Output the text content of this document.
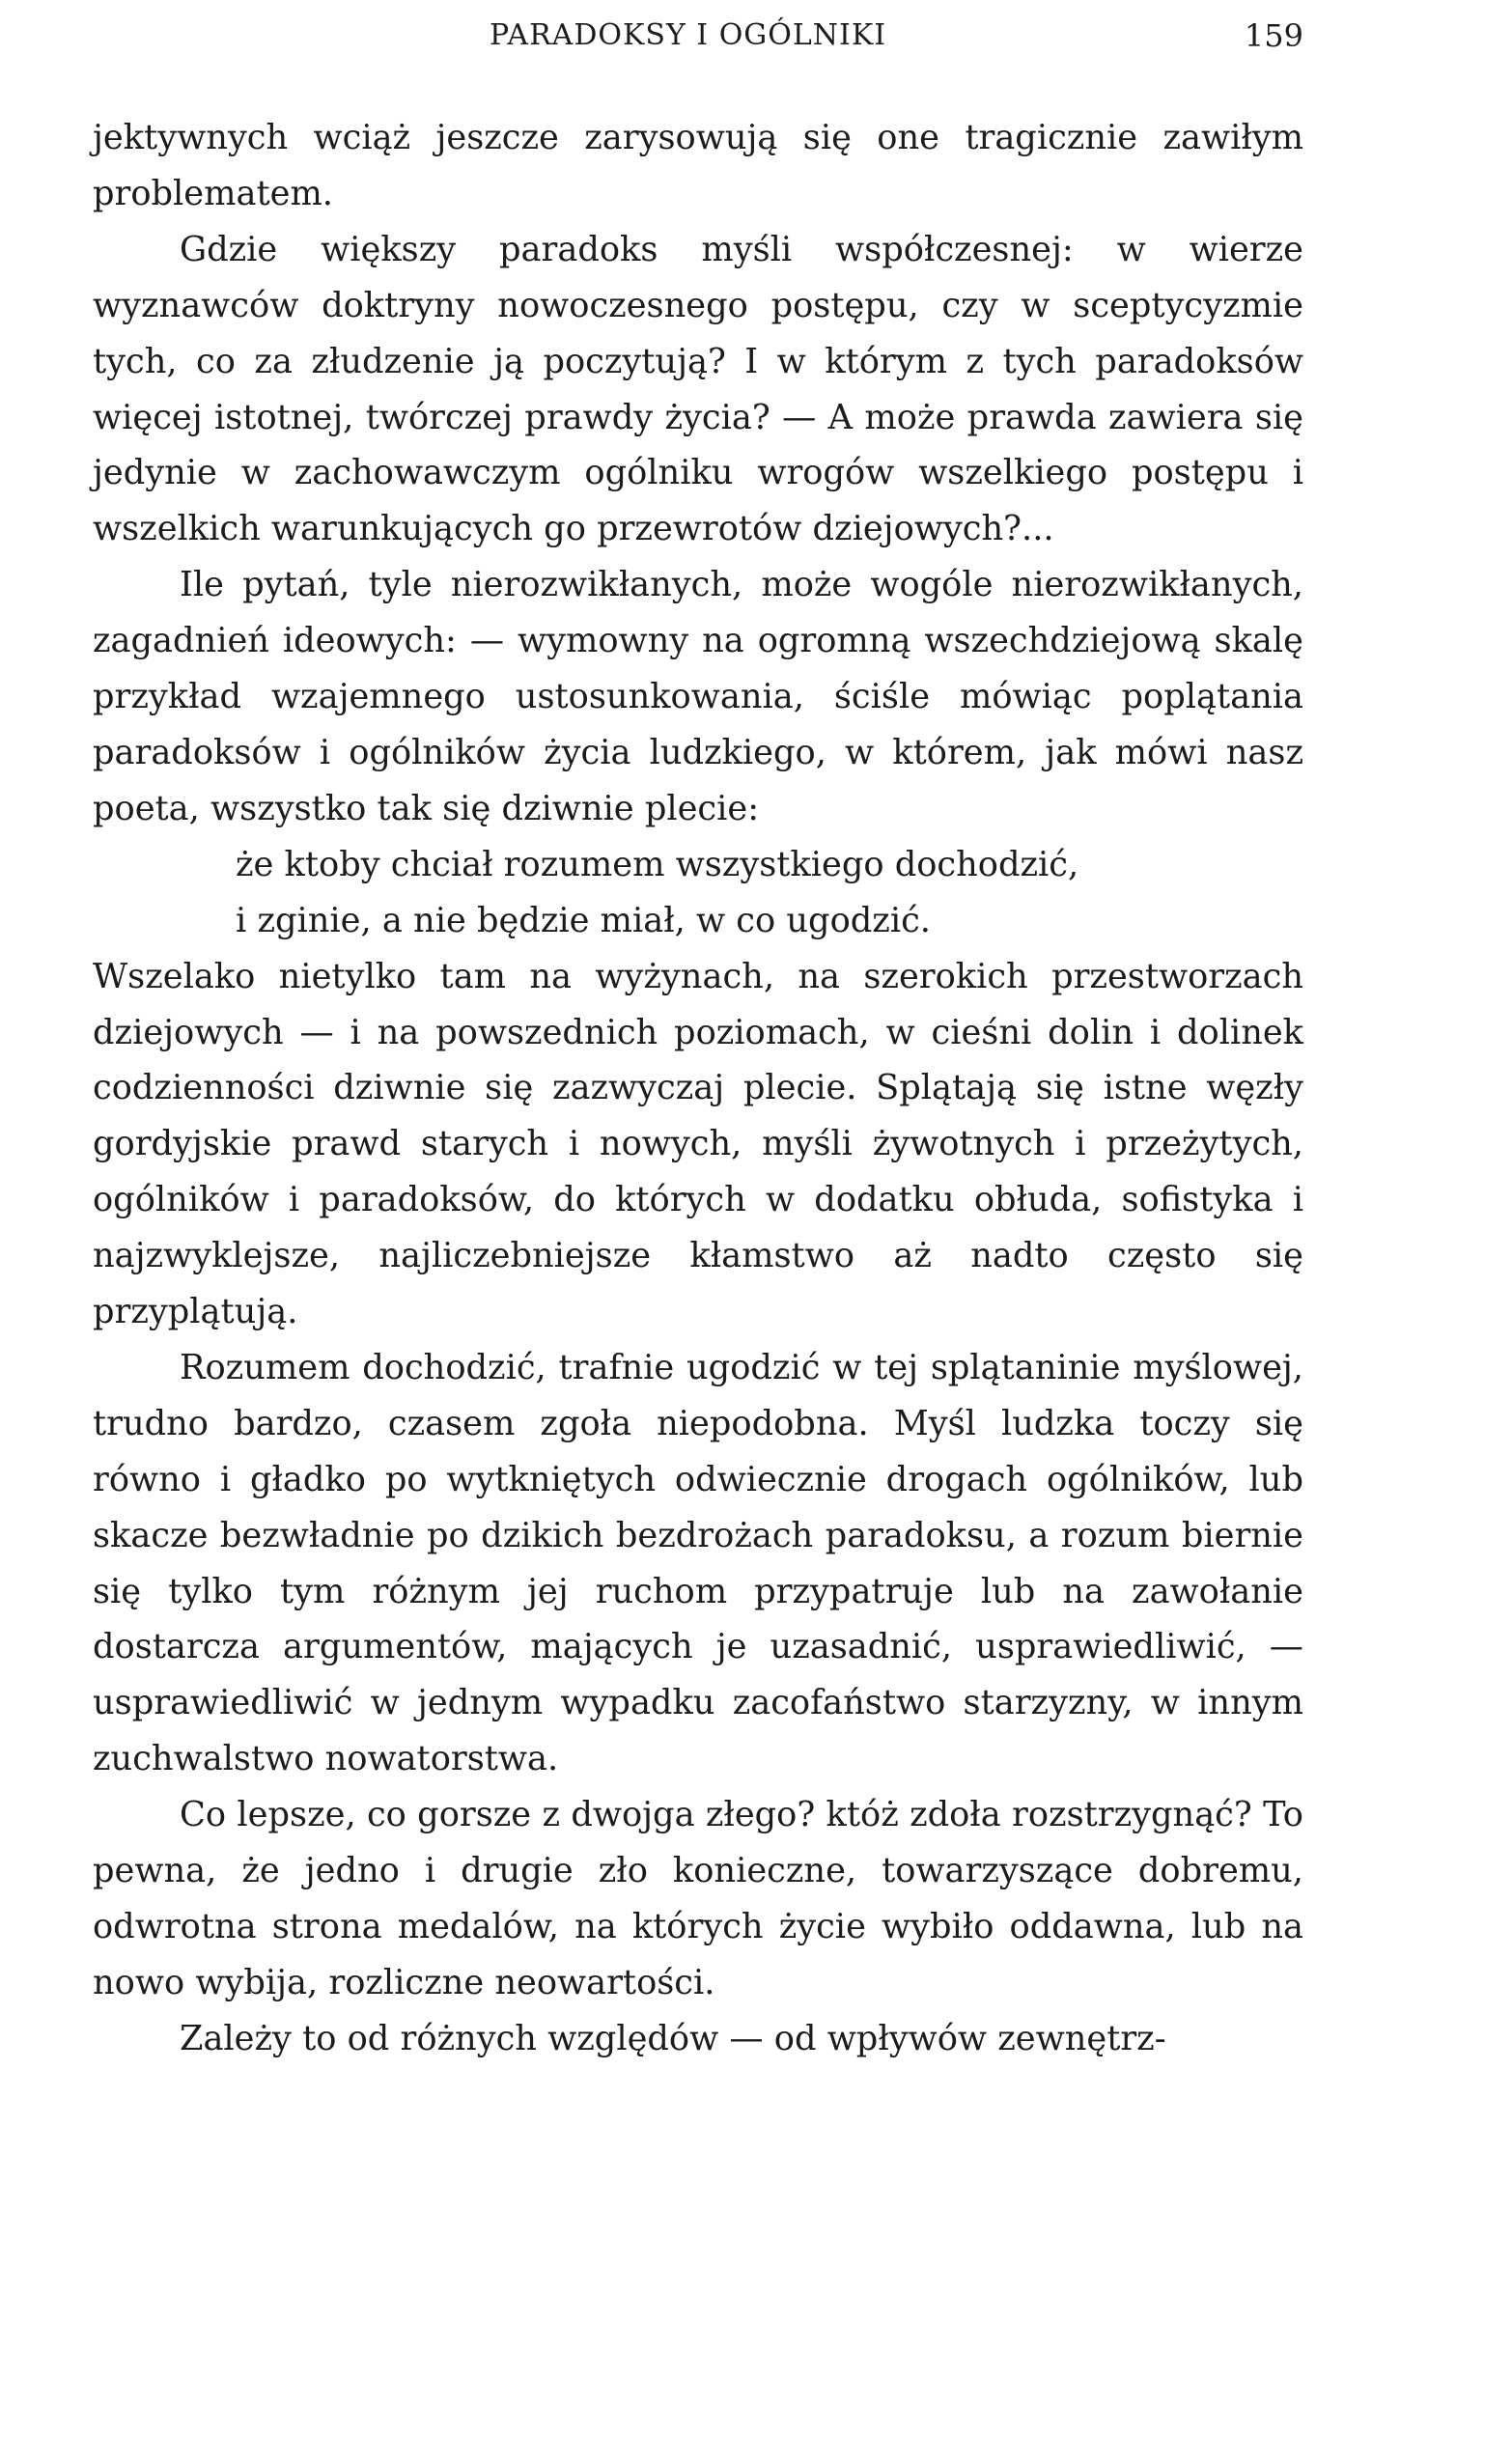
PARADOKSY I OGÓLNIKI	159

jektywnych wciąż jeszcze zarysowują się one tragicznie zawiłym problematem.

Gdzie większy paradoks myśli współczesnej: w wierze wyznawców doktryny nowoczesnego postępu, czy w sceptycyzmie tych, co za złudzenie ją poczytują? I w którym z tych paradoksów więcej istotnej, twórczej prawdy życia? — A może prawda zawiera się jedynie w zachowawczym ogólniku wrogów wszelkiego postępu i wszelkich warunkujących go przewrotów dziejowych?...

Ile pytań, tyle nierozwikłanych, może wogóle nierozwikłanych, zagadnień ideowych: — wymowny na ogromną wszechdziejową skalę przykład wzajemnego ustosunkowania, ściśle mówiąc poplątania paradoksów i ogólników życia ludzkiego, w którem, jak mówi nasz poeta, wszystko tak się dziwnie plecie:

że ktoby chciał rozumem wszystkiego dochodzić,
i zginie, a nie będzie miał, w co ugodzić.

Wszelako nietylko tam na wyżynach, na szerokich przestworzach dziejowych — i na powszednich poziomach, w cieśni dolin i dolinek codzienności dziwnie się zazwyczaj plecie. Splątają się istne węzły gordyjskie prawd starych i nowych, myśli żywotnych i przeżytych, ogólników i paradoksów, do których w dodatku obłuda, sofistyka i najzwyklejsze, najliczebniejsze kłamstwo aż nadto często się przyplątują.

Rozumem dochodzić, trafnie ugodzić w tej splątaninie myślowej, trudno bardzo, czasem zgoła niepodobna. Myśl ludzka toczy się równo i gładko po wytkniętych odwiecznie drogach ogólników, lub skacze bezwładnie po dzikich bezdrożach paradoksu, a rozum biernie się tylko tym różnym jej ruchom przypatruje lub na zawołanie dostarcza argumentów, mających je uzasadnić, usprawiedliwić, — usprawiedliwić w jednym wypadku zacofaństwo starzyzny, w innym zuchwalstwo nowatorstwa.

Co lepsze, co gorsze z dwojga złego? któż zdoła rozstrzygnąć? To pewna, że jedno i drugie zło konieczne, towarzyszące dobremu, odwrotna strona medalów, na których życie wybiło oddawna, lub na nowo wybija, rozliczne neowartości.

Zależy to od różnych względów — od wpływów zewnętrz-
